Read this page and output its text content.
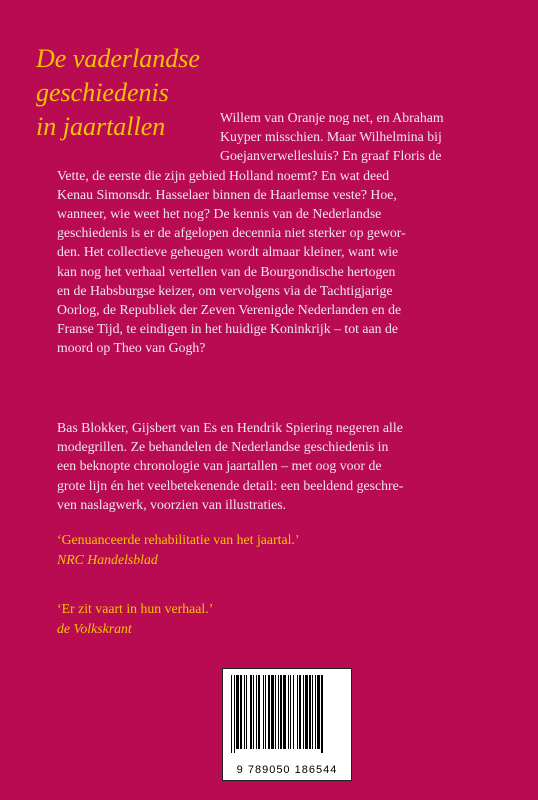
De vaderlandse
geschiedenis
in jaartallen	Willem van Oranje nog net, en Abraham
Kuyper misschien. Maar Wilhelmina bij
Goejanverwellesluis? En graaf Floris de
Vette, de eerste die zijn gebied Holland noemt? En wat deed
Kenau Simonsdr. Hasselaer binnen de Haarlemse veste? Hoe,
wanneer, wie weet het nog? De kennis van de Nederlandse
geschiedenis is er de afgelopen decennia niet sterker op gewor-
den. Het collectieve geheugen wordt almaar kleiner, want wie
kan nog het verhaal vertellen van de Bourgondische hertogen
en de Habsburgse keizer, om vervolgens via de Tachtigjarige
Oorlog, de Republiek der Zeven Verenigde Nederlanden en de
Franse Tijd, te eindigen in het huidige Koninkrijk – tot aan de
moord op Theo van Gogh?

Bas Blokker, Gijsbert van Es en Hendrik Spiering negeren alle
modegrillen. Ze behandelen de Nederlandse geschiedenis in
een beknopte chronologie van jaartallen – met oog voor de
grote lijn én het veelbetekenende detail: een beeldend geschre-
ven naslagwerk, voorzien van illustraties.

‘Genuanceerde rehabilitatie van het jaartal.’
NRC Handelsblad

‘Er zit vaart in hun verhaal.’
de Volkskrant

9 789050 186544
